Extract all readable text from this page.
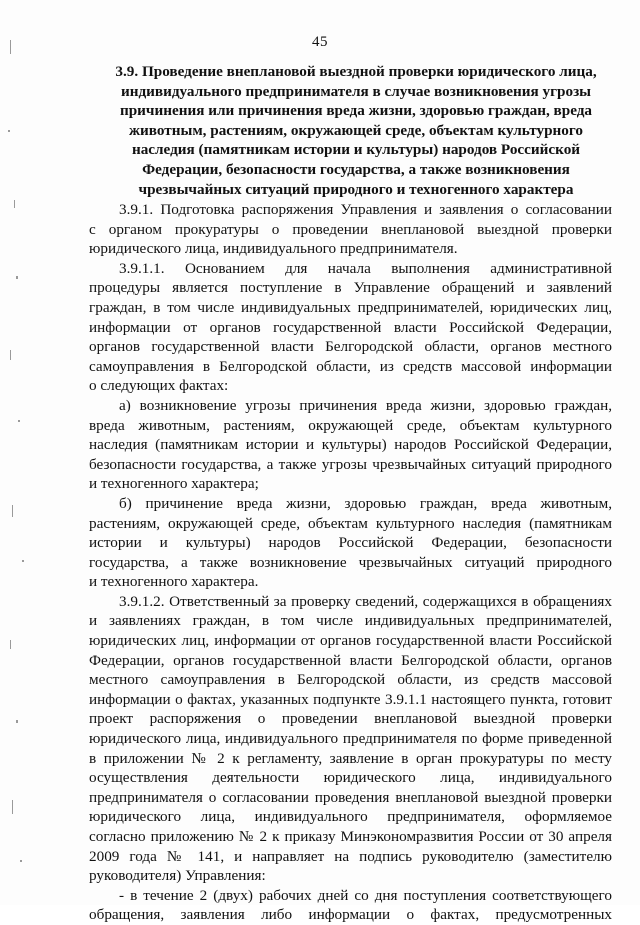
45
3.9. Проведение внеплановой выездной проверки юридического лица,
индивидуального предпринимателя в случае возникновения угрозы
причинения или причинения вреда жизни, здоровью граждан, вреда
животным, растениям, окружающей среде, объектам культурного
наследия (памятникам истории и культуры) народов Российской
Федерации, безопасности государства, а также возникновения
чрезвычайных ситуаций природного и техногенного характера
3.9.1. Подготовка распоряжения Управления и заявления о согласовании
с органом прокуратуры о проведении внеплановой выездной проверки
юридического лица, индивидуального предпринимателя.
3.9.1.1. Основанием для начала выполнения административной
процедуры является поступление в Управление обращений и заявлений
граждан, в том числе индивидуальных предпринимателей, юридических лиц,
информации от органов государственной власти Российской Федерации,
органов государственной власти Белгородской области, органов местного
самоуправления в Белгородской области, из средств массовой информации
о следующих фактах:
а) возникновение угрозы причинения вреда жизни, здоровью граждан,
вреда животным, растениям, окружающей среде, объектам культурного
наследия (памятникам истории и культуры) народов Российской Федерации,
безопасности государства, а также угрозы чрезвычайных ситуаций природного
и техногенного характера;
б) причинение вреда жизни, здоровью граждан, вреда животным,
растениям, окружающей среде, объектам культурного наследия (памятникам
истории и культуры) народов Российской Федерации, безопасности
государства, а также возникновение чрезвычайных ситуаций природного
и техногенного характера.
3.9.1.2. Ответственный за проверку сведений, содержащихся в обращениях
и заявлениях граждан, в том числе индивидуальных предпринимателей,
юридических лиц, информации от органов государственной власти Российской
Федерации, органов государственной власти Белгородской области, органов
местного самоуправления в Белгородской области, из средств массовой
информации о фактах, указанных подпункте 3.9.1.1 настоящего пункта, готовит
проект распоряжения о проведении внеплановой выездной проверки
юридического лица, индивидуального предпринимателя по форме приведенной
в приложении № 2 к регламенту, заявление в орган прокуратуры по месту
осуществления деятельности юридического лица, индивидуального
предпринимателя о согласовании проведения внеплановой выездной проверки
юридического лица, индивидуального предпринимателя, оформляемое
согласно приложению № 2 к приказу Минэкономразвития России от 30 апреля
2009 года № 141, и направляет на подпись руководителю (заместителю
руководителя) Управления:
- в течение 2 (двух) рабочих дней со дня поступления соответствующего
обращения, заявления либо информации о фактах, предусмотренных
